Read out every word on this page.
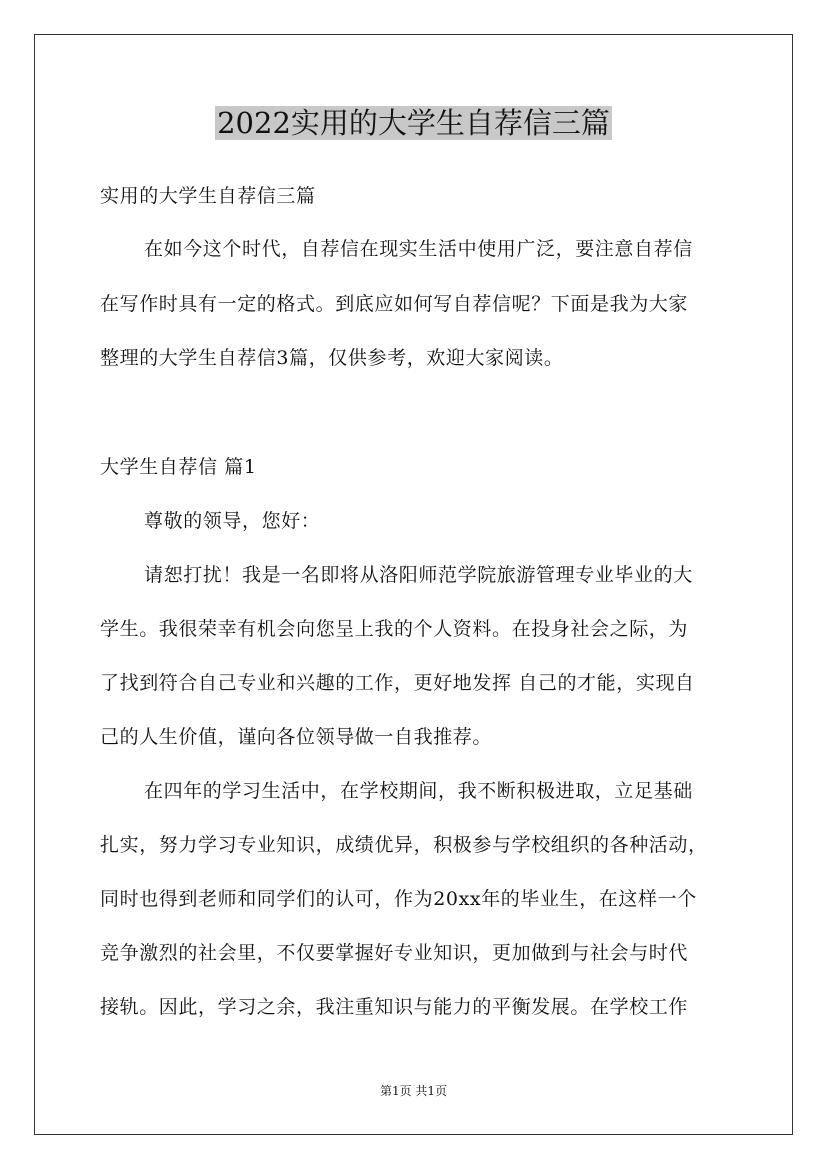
2022实用的大学生自荐信三篇
实用的大学生自荐信三篇
在如今这个时代，自荐信在现实生活中使用广泛，要注意自荐信
在写作时具有一定的格式。到底应如何写自荐信呢？下面是我为大家
整理的大学生自荐信3篇，仅供参考，欢迎大家阅读。
大学生自荐信 篇1
尊敬的领导，您好：
请恕打扰！我是一名即将从洛阳师范学院旅游管理专业毕业的大
学生。我很荣幸有机会向您呈上我的个人资料。在投身社会之际，为
了找到符合自己专业和兴趣的工作，更好地发挥 自己的才能，实现自
己的人生价值，谨向各位领导做一自我推荐。
在四年的学习生活中，在学校期间，我不断积极进取，立足基础
扎实，努力学习专业知识，成绩优异，积极参与学校组织的各种活动，
同时也得到老师和同学们的认可，作为20xx年的毕业生，在这样一个
竞争激烈的社会里，不仅要掌握好专业知识，更加做到与社会与时代
接轨。因此，学习之余，我注重知识与能力的平衡发展。在学校工作
第1页 共1页
